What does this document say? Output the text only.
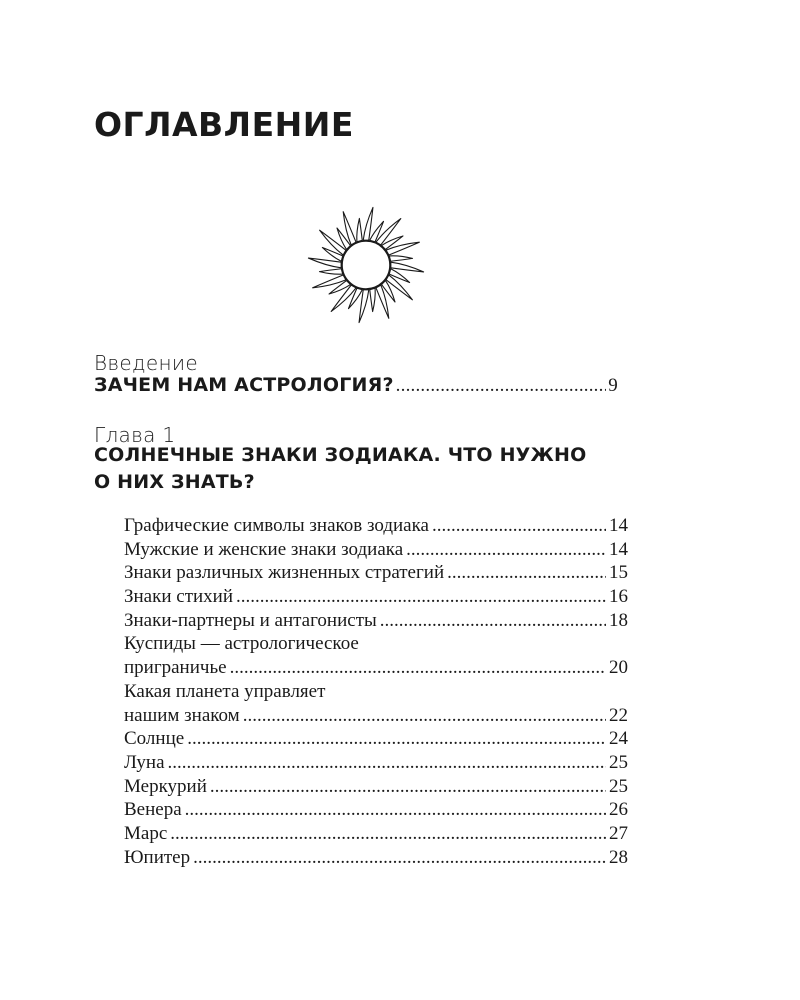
ОГЛАВЛЕНИЕ
Введение
ЗАЧЕМ НАМ АСТРОЛОГИЯ? .....	9
Глава 1
СОЛНЕЧНЫЕ ЗНАКИ ЗОДИАКА. ЧТО НУЖНО
О НИХ ЗНАТЬ?
Графические символы знаков зодиака .....	14
Мужские и женские знаки зодиака .....	14
Знаки различных жизненных стратегий .....	15
Знаки стихий .....	16
Знаки-партнеры и антагонисты .....	18
Куспиды — астрологическое
приграничье .....	20
Какая планета управляет
нашим знаком .....	22
Солнце .....	24
Луна .....	25
Меркурий .....	25
Венера .....	26
Марс .....	27
Юпитер .....	28
